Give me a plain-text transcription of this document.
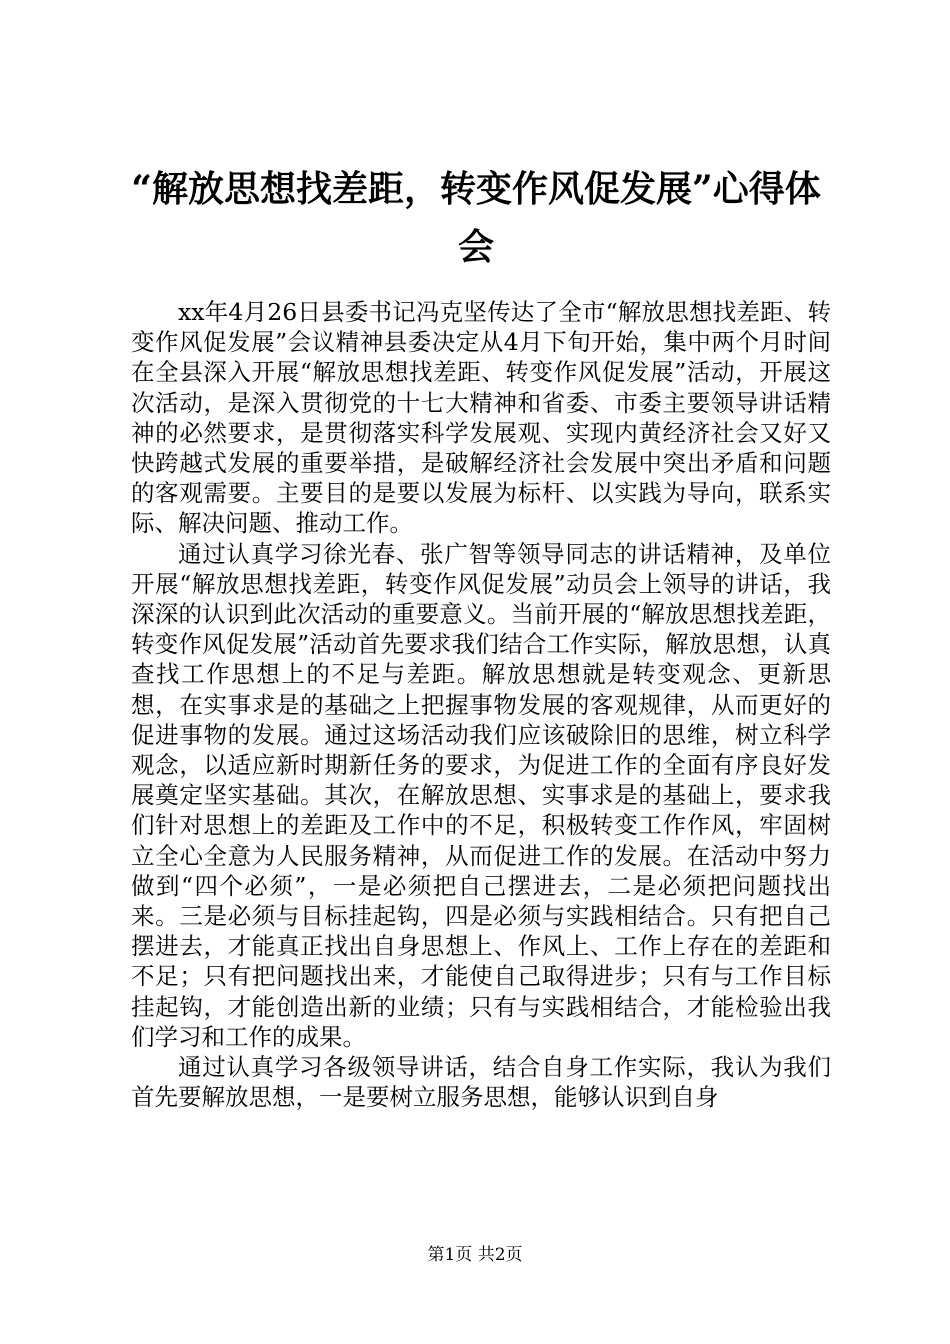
“解放思想找差距，转变作风促发展”心得体会

xx年4月26日县委书记冯克坚传达了全市“解放思想找差距、转变作风促发展”会议精神县委决定从4月下旬开始，集中两个月时间在全县深入开展“解放思想找差距、转变作风促发展”活动，开展这次活动，是深入贯彻党的十七大精神和省委、市委主要领导讲话精神的必然要求，是贯彻落实科学发展观、实现内黄经济社会又好又快跨越式发展的重要举措，是破解经济社会发展中突出矛盾和问题的客观需要。主要目的是要以发展为标杆、以实践为导向，联系实际、解决问题、推动工作。

通过认真学习徐光春、张广智等领导同志的讲话精神，及单位开展“解放思想找差距，转变作风促发展”动员会上领导的讲话，我深深的认识到此次活动的重要意义。当前开展的“解放思想找差距，转变作风促发展”活动首先要求我们结合工作实际，解放思想，认真查找工作思想上的不足与差距。解放思想就是转变观念、更新思想，在实事求是的基础之上把握事物发展的客观规律，从而更好的促进事物的发展。通过这场活动我们应该破除旧的思维，树立科学观念，以适应新时期新任务的要求，为促进工作的全面有序良好发展奠定坚实基础。其次，在解放思想、实事求是的基础上，要求我们针对思想上的差距及工作中的不足，积极转变工作作风，牢固树立全心全意为人民服务精神，从而促进工作的发展。在活动中努力做到“四个必须”，一是必须把自己摆进去，二是必须把问题找出来。三是必须与目标挂起钩，四是必须与实践相结合。只有把自己摆进去，才能真正找出自身思想上、作风上、工作上存在的差距和不足；只有把问题找出来，才能使自己取得进步；只有与工作目标挂起钩，才能创造出新的业绩；只有与实践相结合，才能检验出我们学习和工作的成果。

通过认真学习各级领导讲话，结合自身工作实际，我认为我们首先要解放思想，一是要树立服务思想，能够认识到自身

第1页 共2页
